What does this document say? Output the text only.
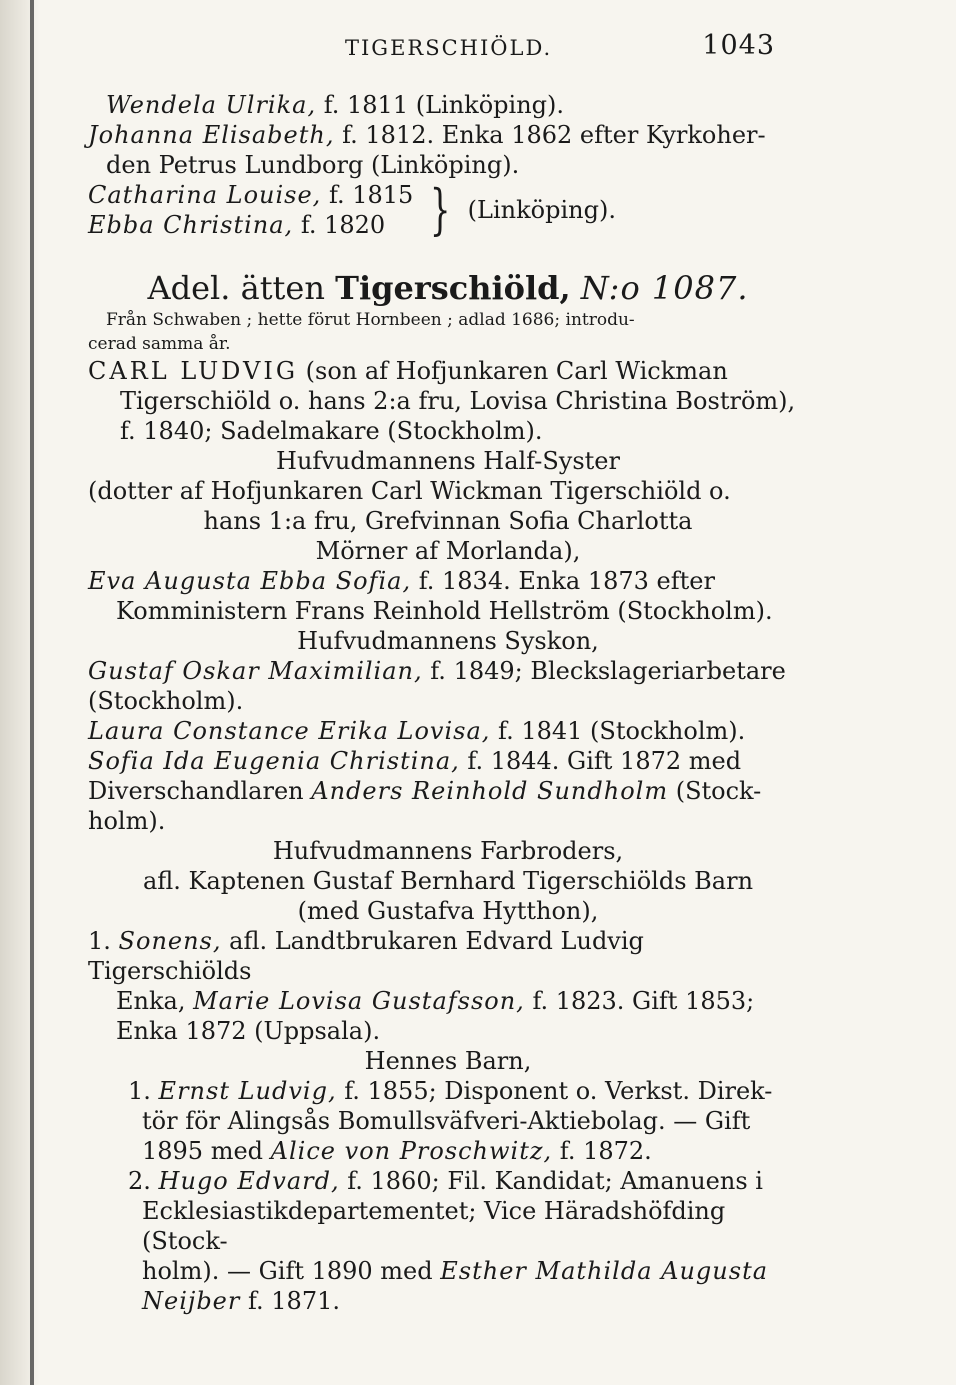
TIGERSCHIÖLD.	1043

Wendela Ulrika, f. 1811 (Linköping).

Johanna Elisabeth, f. 1812. Enka 1862 efter Kyrkoher-

den Petrus Lundborg (Linköping).

Catharina Louise, f. 1815
Ebba Christina, f. 1820 } (Linköping).
Adel. ätten Tigerschiöld, N:o 1087.

Från Schwaben ; hette förut Hornbeen ; adlad 1686; introdu-

cerad samma år.

CARL LUDVIG (son af Hofjunkaren Carl Wickman

Tigerschiöld o. hans 2:a fru, Lovisa Christina Boström),

f. 1840; Sadelmakare (Stockholm).

Hufvudmannens Half-Syster

(dotter af Hofjunkaren Carl Wickman Tigerschiöld o.

hans 1:a fru, Grefvinnan Sofia Charlotta

Mörner af Morlanda),

Eva Augusta Ebba Sofia, f. 1834. Enka 1873 efter

Komministern Frans Reinhold Hellström (Stockholm).

Hufvudmannens Syskon,

Gustaf Oskar Maximilian, f. 1849; Bleckslageriarbetare

(Stockholm).

Laura Constance Erika Lovisa, f. 1841 (Stockholm).

Sofia Ida Eugenia Christina, f. 1844. Gift 1872 med

Diverschandlaren Anders Reinhold Sundholm (Stock-

holm).

Hufvudmannens Farbroders,

afl. Kaptenen Gustaf Bernhard Tigerschiölds Barn

(med Gustafva Hytthon),

1. Sonens, afl. Landtbrukaren Edvard Ludvig Tigerschiölds

Enka, Marie Lovisa Gustafsson, f. 1823. Gift 1853;

Enka 1872 (Uppsala).

Hennes Barn,

1. Ernst Ludvig, f. 1855; Disponent o. Verkst. Direk-

tör för Alingsås Bomullsväfveri-Aktiebolag. — Gift

1895 med Alice von Proschwitz, f. 1872.

2. Hugo Edvard, f. 1860; Fil. Kandidat; Amanuens i

Ecklesiastikdepartementet; Vice Häradshöfding (Stock-

holm). — Gift 1890 med Esther Mathilda Augusta

Neijber f. 1871.
